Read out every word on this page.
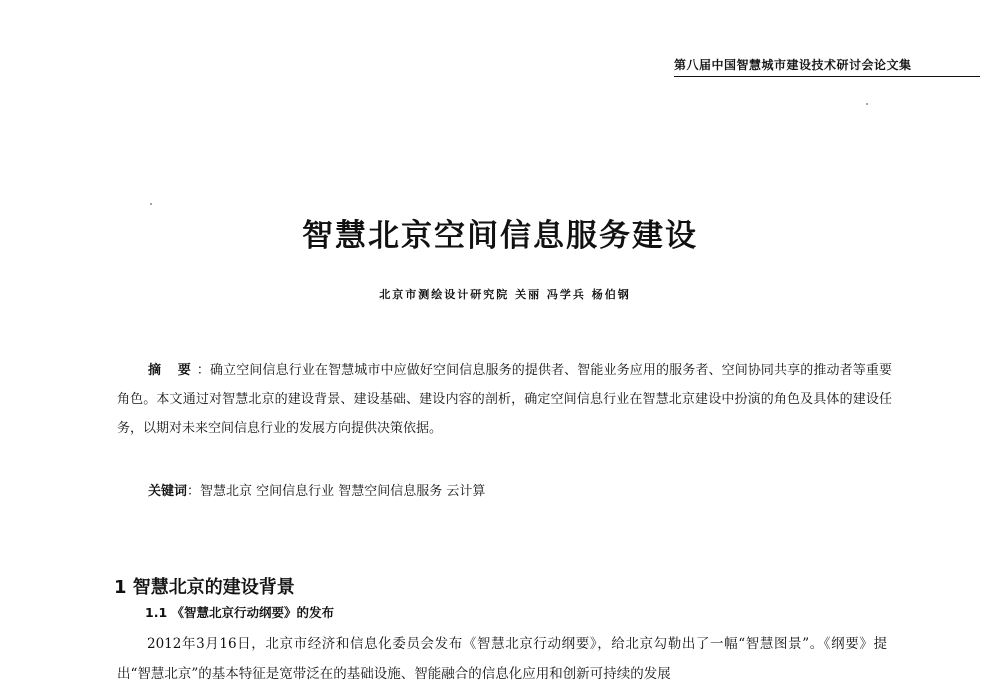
第八届中国智慧城市建设技术研讨会论文集
智慧北京空间信息服务建设
北京市测绘设计研究院 关丽 冯学兵 杨伯钢
摘 要：确立空间信息行业在智慧城市中应做好空间信息服务的提供者、智能业务应用的服务者、空间协同共享的推动者等重要角色。本文通过对智慧北京的建设背景、建设基础、建设内容的剖析，确定空间信息行业在智慧北京建设中扮演的角色及具体的建设任务，以期对未来空间信息行业的发展方向提供决策依据。
关键词：智慧北京 空间信息行业 智慧空间信息服务 云计算
1 智慧北京的建设背景
1.1 《智慧北京行动纲要》的发布
2012年3月16日，北京市经济和信息化委员会发布《智慧北京行动纲要》，给北京勾勒出了一幅“智慧图景”。《纲要》提出“智慧北京”的基本特征是宽带泛在的基础设施、智能融合的信息化应用和创新可持续的发展
